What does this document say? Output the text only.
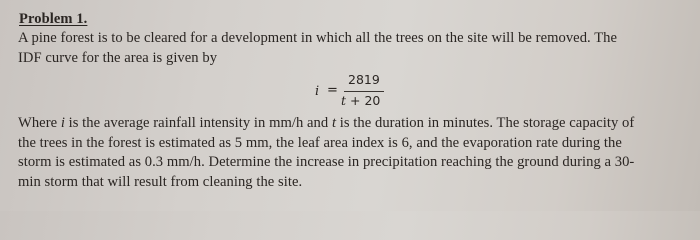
Problem 1.
A pine forest is to be cleared for a development in which all the trees on the site will be removed. The
IDF curve for the area is given by
i =
2819
t + 20
Where i is the average rainfall intensity in mm/h and t is the duration in minutes. The storage capacity of
the trees in the forest is estimated as 5 mm, the leaf area index is 6, and the evaporation rate during the
storm is estimated as 0.3 mm/h. Determine the increase in precipitation reaching the ground during a 30-
min storm that will result from cleaning the site.
